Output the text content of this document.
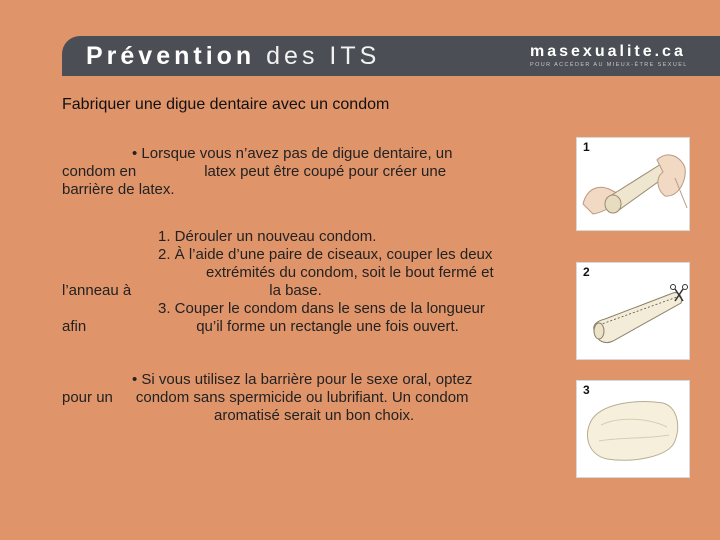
Prévention des ITS	masexualite.ca
POUR ACCÉDER AU MIEUX-ÊTRE SEXUEL
Fabriquer une digue dentaire avec un condom
• Lorsque vous n’avez pas de digue dentaire, un
condom en	latex peut être coupé pour créer une
barrière de latex.
1. Dérouler un nouveau condom.
2. À l’aide d’une paire de ciseaux, couper les deux
extrémités du condom, soit le bout fermé et
l’anneau à	la base.
3. Couper le condom dans le sens de la longueur
afin	qu’il forme un rectangle une fois ouvert.
• Si vous utilisez la barrière pour le sexe oral, optez
pour un condom sans spermicide ou lubrifiant. Un condom
aromatisé serait un bon choix.
1
2
3
